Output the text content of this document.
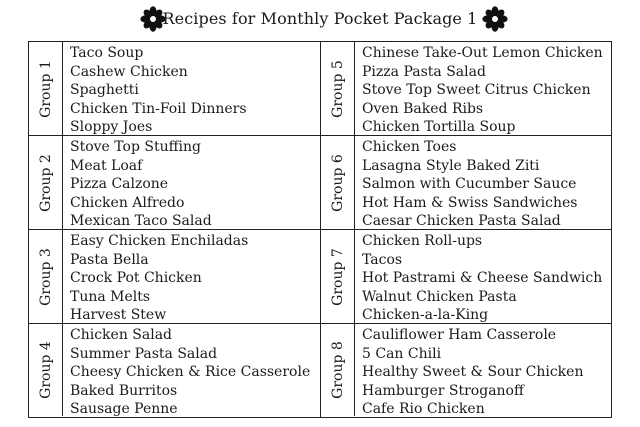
Recipes for Monthly Pocket Package 1
Group 1
Taco Soup
Cashew Chicken
Spaghetti
Chicken Tin-Foil Dinners
Sloppy Joes
Group 2
Stove Top Stuffing
Meat Loaf
Pizza Calzone
Chicken Alfredo
Mexican Taco Salad
Group 3
Easy Chicken Enchiladas
Pasta Bella
Crock Pot Chicken
Tuna Melts
Harvest Stew
Group 4
Chicken Salad
Summer Pasta Salad
Cheesy Chicken & Rice Casserole
Baked Burritos
Sausage Penne
Group 5
Chinese Take-Out Lemon Chicken
Pizza Pasta Salad
Stove Top Sweet Citrus Chicken
Oven Baked Ribs
Chicken Tortilla Soup
Group 6
Chicken Toes
Lasagna Style Baked Ziti
Salmon with Cucumber Sauce
Hot Ham & Swiss Sandwiches
Caesar Chicken Pasta Salad
Group 7
Chicken Roll-ups
Tacos
Hot Pastrami & Cheese Sandwich
Walnut Chicken Pasta
Chicken-a-la-King
Group 8
Cauliflower Ham Casserole
5 Can Chili
Healthy Sweet & Sour Chicken
Hamburger Stroganoff
Cafe Rio Chicken
